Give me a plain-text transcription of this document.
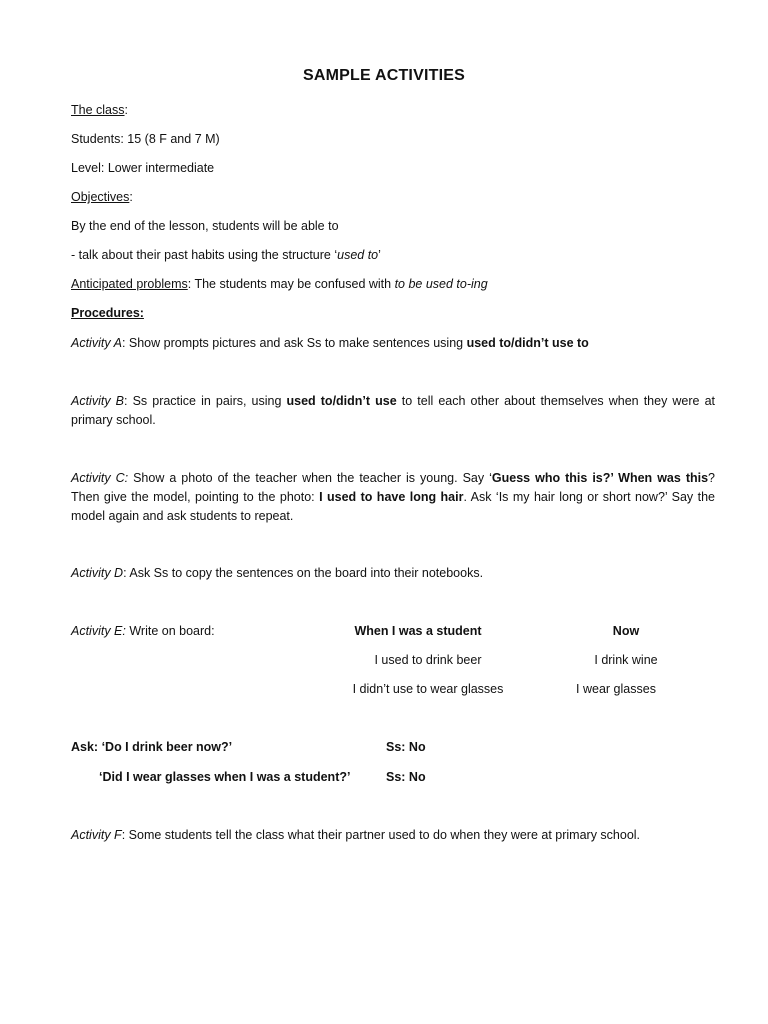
SAMPLE ACTIVITIES
The class:
Students: 15 (8 F and 7 M)
Level: Lower intermediate
Objectives:
By the end of the lesson, students will be able to
- talk about their past habits using the structure ‘used to’
Anticipated problems: The students may be confused with to be used to-ing
Procedures:
Activity A: Show prompts pictures and ask Ss to make sentences using used to/didn’t use to
Activity B: Ss practice in pairs, using used to/didn’t use to tell each other about themselves when they were at primary school.
Activity C: Show a photo of the teacher when the teacher is young. Say ‘Guess who this is?’ When was this? Then give the model, pointing to the photo: I used to have long hair. Ask ‘Is my hair long or short now?’ Say the model again and ask students to repeat.
Activity D: Ask Ss to copy the sentences on the board into their notebooks.
Activity E: Write on board:	When I was a student	Now
I used to drink beer	I drink wine
I didn’t use to wear glasses	I wear glasses
Ask: ‘Do I drink beer now?’	Ss: No
‘Did I wear glasses when I was a student?’	Ss: No
Activity F: Some students tell the class what their partner used to do when they were at primary school.
